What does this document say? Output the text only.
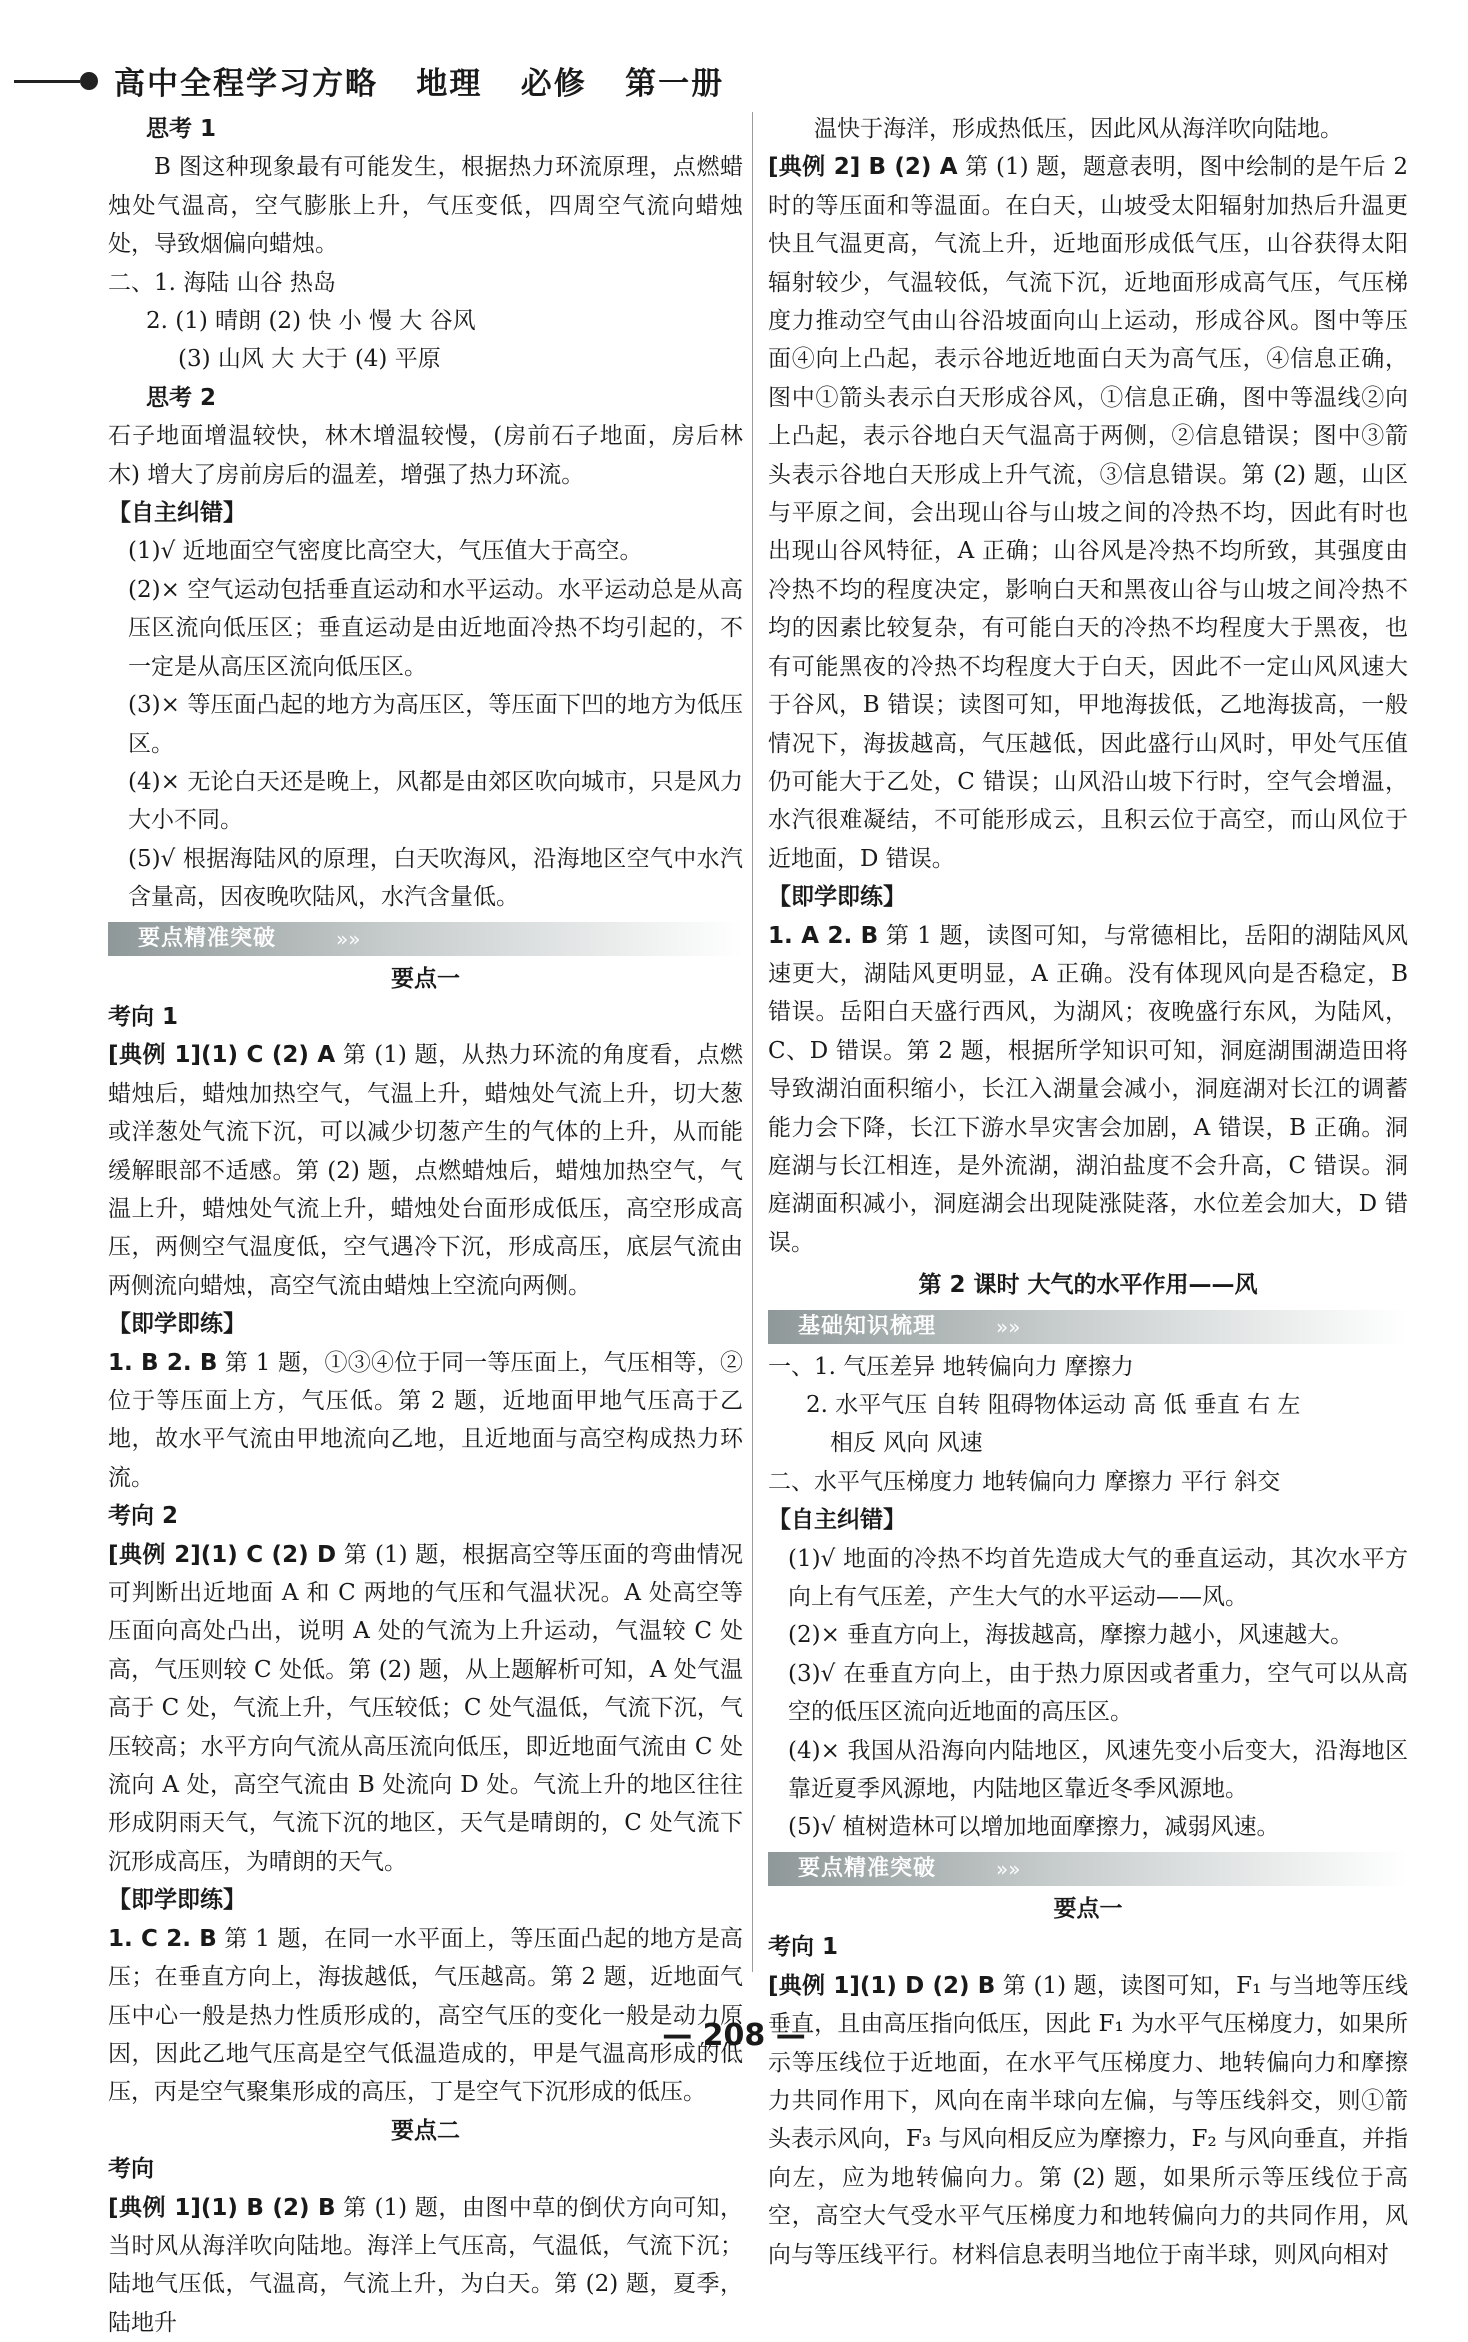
高中全程学习方略   地理   必修   第一册

思考 1

B 图这种现象最有可能发生，根据热力环流原理，点燃蜡烛处气温高，空气膨胀上升，气压变低，四周空气流向蜡烛处，导致烟偏向蜡烛。

二、1. 海陆 山谷 热岛

2. (1) 晴朗 (2) 快 小 慢 大 谷风

(3) 山风 大 大于 (4) 平原

思考 2

石子地面增温较快，林木增温较慢，(房前石子地面，房后林木) 增大了房前房后的温差，增强了热力环流。

【自主纠错】

(1)√ 近地面空气密度比高空大，气压值大于高空。

(2)× 空气运动包括垂直运动和水平运动。水平运动总是从高压区流向低压区；垂直运动是由近地面冷热不均引起的，不一定是从高压区流向低压区。

(3)× 等压面凸起的地方为高压区，等压面下凹的地方为低压区。

(4)× 无论白天还是晚上，风都是由郊区吹向城市，只是风力大小不同。

(5)√ 根据海陆风的原理，白天吹海风，沿海地区空气中水汽含量高，因夜晚吹陆风，水汽含量低。

要点精准突破	»»

要点一

考向 1

[典例 1](1) C (2) A 第 (1) 题，从热力环流的角度看，点燃蜡烛后，蜡烛加热空气，气温上升，蜡烛处气流上升，切大葱或洋葱处气流下沉，可以减少切葱产生的气体的上升，从而能缓解眼部不适感。第 (2) 题，点燃蜡烛后，蜡烛加热空气，气温上升，蜡烛处气流上升，蜡烛处台面形成低压，高空形成高压，两侧空气温度低，空气遇冷下沉，形成高压，底层气流由两侧流向蜡烛，高空气流由蜡烛上空流向两侧。

【即学即练】

1. B 2. B 第 1 题，①③④位于同一等压面上，气压相等，②位于等压面上方，气压低。第 2 题，近地面甲地气压高于乙地，故水平气流由甲地流向乙地，且近地面与高空构成热力环流。

考向 2

[典例 2](1) C (2) D 第 (1) 题，根据高空等压面的弯曲情况可判断出近地面 A 和 C 两地的气压和气温状况。A 处高空等压面向高处凸出，说明 A 处的气流为上升运动，气温较 C 处高，气压则较 C 处低。第 (2) 题，从上题解析可知，A 处气温高于 C 处，气流上升，气压较低；C 处气温低，气流下沉，气压较高；水平方向气流从高压流向低压，即近地面气流由 C 处流向 A 处，高空气流由 B 处流向 D 处。气流上升的地区往往形成阴雨天气，气流下沉的地区，天气是晴朗的，C 处气流下沉形成高压，为晴朗的天气。

【即学即练】

1. C 2. B 第 1 题，在同一水平面上，等压面凸起的地方是高压；在垂直方向上，海拔越低，气压越高。第 2 题，近地面气压中心一般是热力性质形成的，高空气压的变化一般是动力原因，因此乙地气压高是空气低温造成的，甲是气温高形成的低压，丙是空气聚集形成的高压，丁是空气下沉形成的低压。

要点二

考向

[典例 1](1) B (2) B 第 (1) 题，由图中草的倒伏方向可知，当时风从海洋吹向陆地。海洋上气压高，气温低，气流下沉；陆地气压低，气温高，气流上升，为白天。第 (2) 题，夏季，陆地升

温快于海洋，形成热低压，因此风从海洋吹向陆地。

[典例 2] B (2) A 第 (1) 题，题意表明，图中绘制的是午后 2 时的等压面和等温面。在白天，山坡受太阳辐射加热后升温更快且气温更高，气流上升，近地面形成低气压，山谷获得太阳辐射较少，气温较低，气流下沉，近地面形成高气压，气压梯度力推动空气由山谷沿坡面向山上运动，形成谷风。图中等压面④向上凸起，表示谷地近地面白天为高气压，④信息正确，图中①箭头表示白天形成谷风，①信息正确，图中等温线②向上凸起，表示谷地白天气温高于两侧，②信息错误；图中③箭头表示谷地白天形成上升气流，③信息错误。第 (2) 题，山区与平原之间，会出现山谷与山坡之间的冷热不均，因此有时也出现山谷风特征，A 正确；山谷风是冷热不均所致，其强度由冷热不均的程度决定，影响白天和黑夜山谷与山坡之间冷热不均的因素比较复杂，有可能白天的冷热不均程度大于黑夜，也有可能黑夜的冷热不均程度大于白天，因此不一定山风风速大于谷风，B 错误；读图可知，甲地海拔低，乙地海拔高，一般情况下，海拔越高，气压越低，因此盛行山风时，甲处气压值仍可能大于乙处，C 错误；山风沿山坡下行时，空气会增温，水汽很难凝结，不可能形成云，且积云位于高空，而山风位于近地面，D 错误。

【即学即练】

1. A 2. B 第 1 题，读图可知，与常德相比，岳阳的湖陆风风速更大，湖陆风更明显，A 正确。没有体现风向是否稳定，B 错误。岳阳白天盛行西风，为湖风；夜晚盛行东风，为陆风，C、D 错误。第 2 题，根据所学知识可知，洞庭湖围湖造田将导致湖泊面积缩小，长江入湖量会减小，洞庭湖对长江的调蓄能力会下降，长江下游水旱灾害会加剧，A 错误，B 正确。洞庭湖与长江相连，是外流湖，湖泊盐度不会升高，C 错误。洞庭湖面积减小，洞庭湖会出现陡涨陡落，水位差会加大，D 错误。

第 2 课时 大气的水平作用——风

基础知识梳理	»»

一、1. 气压差异 地转偏向力 摩擦力

2. 水平气压 自转 阻碍物体运动 高 低 垂直 右 左

相反 风向 风速

二、水平气压梯度力 地转偏向力 摩擦力 平行 斜交

【自主纠错】

(1)√ 地面的冷热不均首先造成大气的垂直运动，其次水平方向上有气压差，产生大气的水平运动——风。

(2)× 垂直方向上，海拔越高，摩擦力越小，风速越大。

(3)√ 在垂直方向上，由于热力原因或者重力，空气可以从高空的低压区流向近地面的高压区。

(4)× 我国从沿海向内陆地区，风速先变小后变大，沿海地区靠近夏季风源地，内陆地区靠近冬季风源地。

(5)√ 植树造林可以增加地面摩擦力，减弱风速。

要点精准突破	»»

要点一

考向 1

[典例 1](1) D (2) B 第 (1) 题，读图可知，F₁ 与当地等压线垂直，且由高压指向低压，因此 F₁ 为水平气压梯度力，如果所示等压线位于近地面，在水平气压梯度力、地转偏向力和摩擦力共同作用下，风向在南半球向左偏，与等压线斜交，则①箭头表示风向，F₃ 与风向相反应为摩擦力，F₂ 与风向垂直，并指向左，应为地转偏向力。第 (2) 题，如果所示等压线位于高空，高空大气受水平气压梯度力和地转偏向力的共同作用，风向与等压线平行。材料信息表明当地位于南半球，则风向相对

— 208 —
